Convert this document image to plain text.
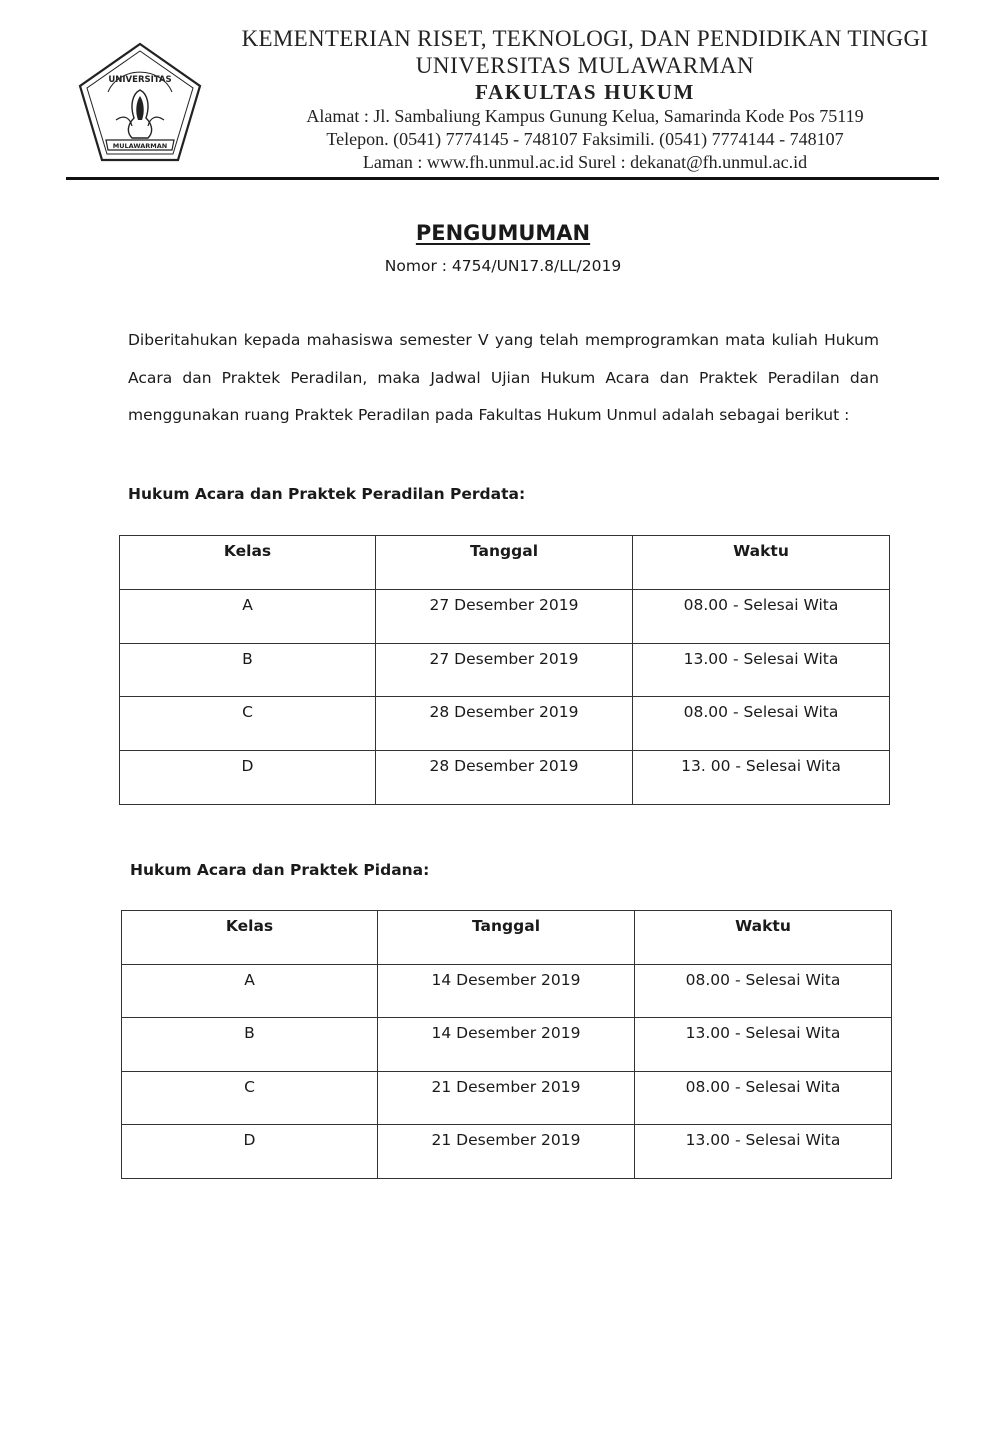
UNIVERSITAS
MULAWARMAN
KEMENTERIAN RISET, TEKNOLOGI, DAN PENDIDIKAN TINGGI
UNIVERSITAS MULAWARMAN
FAKULTAS HUKUM
Alamat : Jl. Sambaliung Kampus Gunung Kelua, Samarinda Kode Pos 75119
Telepon. (0541) 7774145 - 748107 Faksimili. (0541) 7774144 - 748107
Laman : www.fh.unmul.ac.id Surel : dekanat@fh.unmul.ac.id
PENGUMUMAN
Nomor : 4754/UN17.8/LL/2019
Diberitahukan kepada mahasiswa semester V yang telah memprogramkan mata kuliah Hukum Acara dan Praktek Peradilan, maka Jadwal Ujian Hukum Acara dan Praktek Peradilan dan menggunakan ruang Praktek Peradilan pada Fakultas Hukum Unmul adalah sebagai berikut :
Hukum Acara dan Praktek Peradilan Perdata:
Kelas	Tanggal	Waktu
A	27 Desember 2019	08.00 - Selesai Wita
B	27 Desember 2019	13.00 - Selesai Wita
C	28 Desember 2019	08.00 - Selesai Wita
D	28 Desember 2019	13. 00 - Selesai Wita
Hukum Acara dan Praktek Pidana:
Kelas	Tanggal	Waktu
A	14 Desember 2019	08.00 - Selesai Wita
B	14 Desember 2019	13.00 - Selesai Wita
C	21 Desember 2019	08.00 - Selesai Wita
D	21 Desember 2019	13.00 - Selesai Wita
